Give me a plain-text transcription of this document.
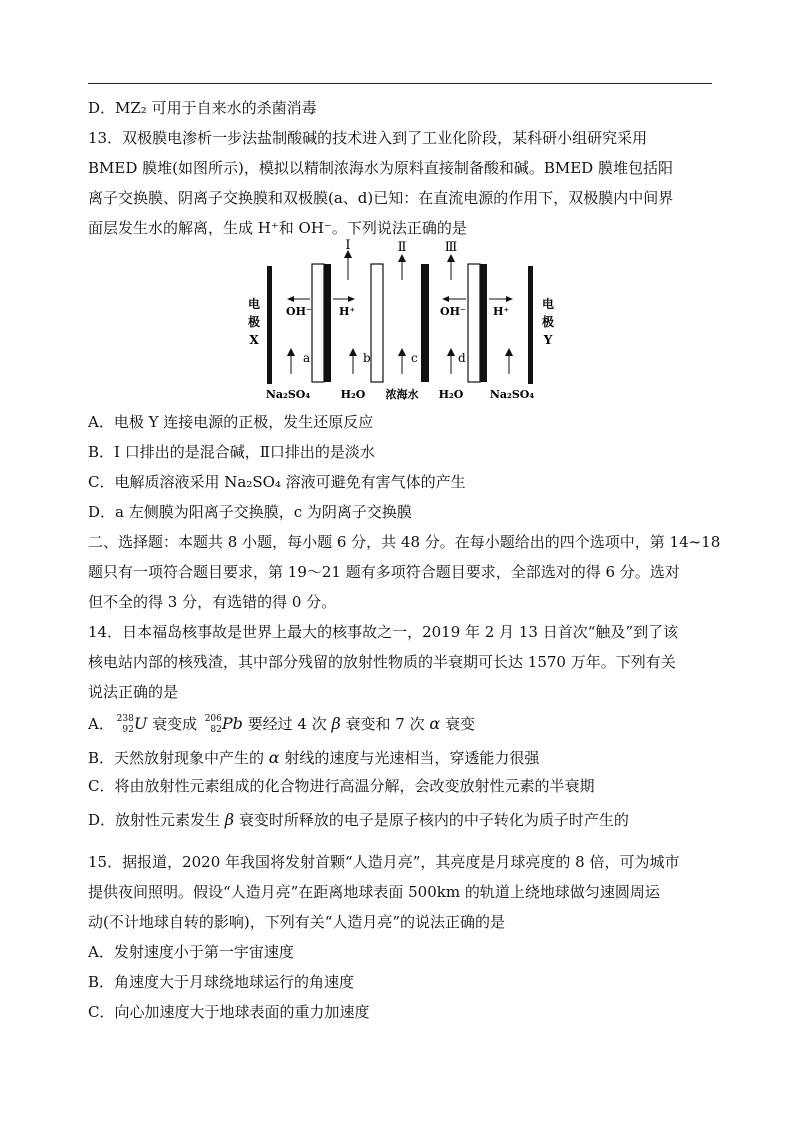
D．MZ₂ 可用于自来水的杀菌消毒
13．双极膜电渗析一步法盐制酸碱的技术进入到了工业化阶段，某科研小组研究采用
BMED 膜堆(如图所示)，模拟以精制浓海水为原料直接制备酸和碱。BMED 膜堆包括阳
离子交换膜、阴离子交换膜和双极膜(a、d)已知：在直流电源的作用下，双极膜内中间界
面层发生水的解离，生成 H⁺和 OH⁻。下列说法正确的是
电
极
X
电
极
Y
I	Ⅱ	Ⅲ
OH⁻ H⁺	OH⁻ H⁺
a	b	c	d
Na₂SO₄	H₂O 浓海水 H₂O Na₂SO₄
A．电极 Y 连接电源的正极，发生还原反应
B．I 口排出的是混合碱，Ⅱ口排出的是淡水
C．电解质溶液采用 Na₂SO₄ 溶液可避免有害气体的产生
D．a 左侧膜为阳离子交换膜，c 为阴离子交换膜
二、选择题：本题共 8 小题，每小题 6 分，共 48 分。在每小题给出的四个选项中，第 14~18
题只有一项符合题目要求，第 19～21 题有多项符合题目要求，全部选对的得 6 分。选对
但不全的得 3 分，有选错的得 0 分。
14．日本福岛核事故是世界上最大的核事故之一，2019 年 2 月 13 日首次“触及”到了该
核电站内部的核残渣，其中部分残留的放射性物质的半衰期可长达 1570 万年。下列有关
说法正确的是
A． 238
92 U 衰变成 206
82 Pb 要经过 4 次 β 衰变和 7 次 α 衰变
B．天然放射现象中产生的 α 射线的速度与光速相当，穿透能力很强
C．将由放射性元素组成的化合物进行高温分解，会改变放射性元素的半衰期
D．放射性元素发生 β 衰变时所释放的电子是原子核内的中子转化为质子时产生的
15．据报道，2020 年我国将发射首颗“人造月亮”，其亮度是月球亮度的 8 倍，可为城市
提供夜间照明。假设“人造月亮”在距离地球表面 500km 的轨道上绕地球做匀速圆周运
动(不计地球自转的影响)，下列有关“人造月亮”的说法正确的是
A．发射速度小于第一宇宙速度
B．角速度大于月球绕地球运行的角速度
C．向心加速度大于地球表面的重力加速度
